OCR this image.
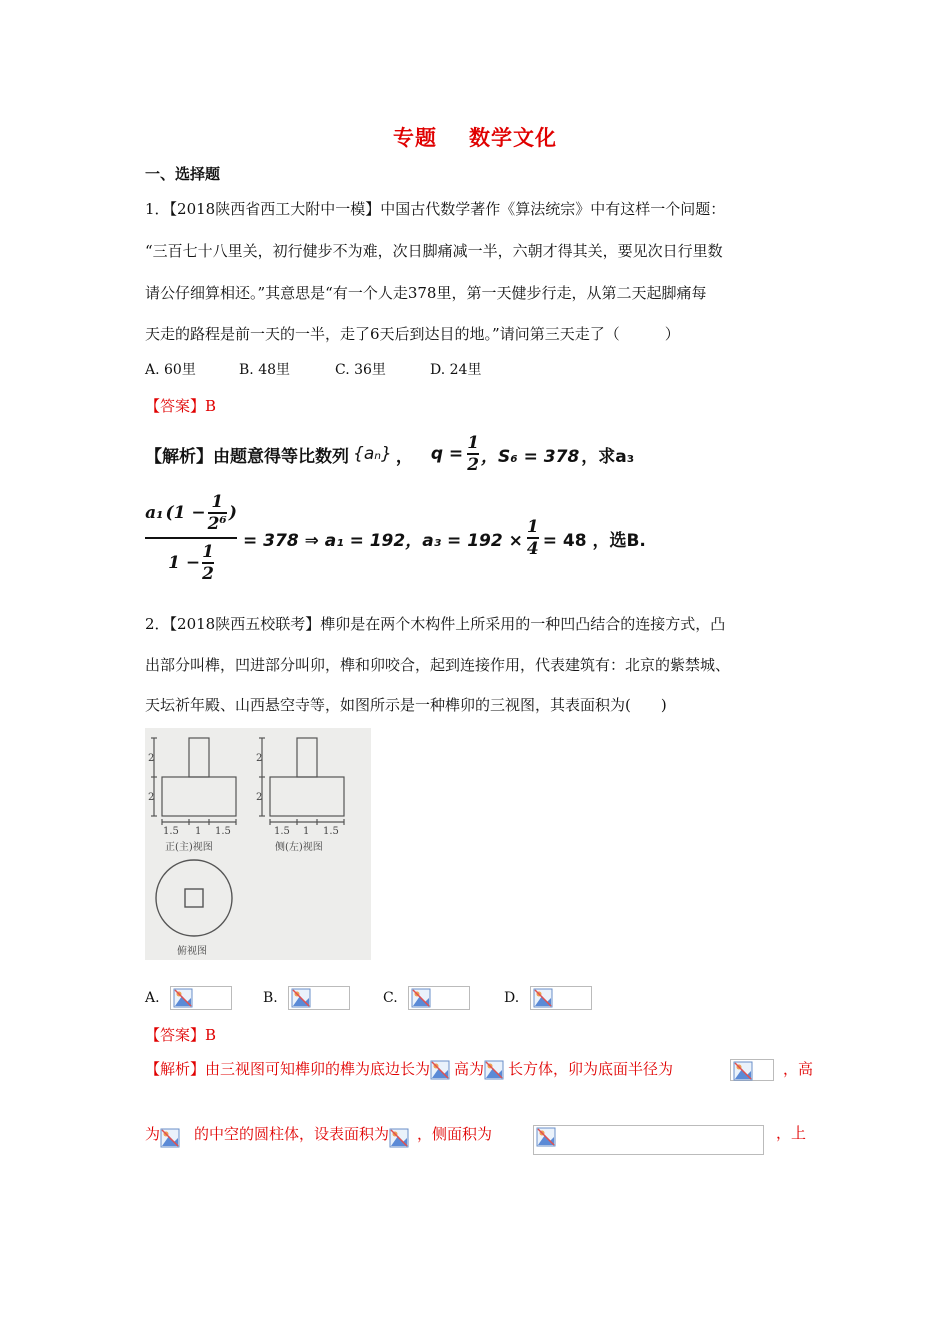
专题 数学文化
一、选择题
1．【2018陕西省西工大附中一模】中国古代数学著作《算法统宗》中有这样一个问题：
“三百七十八里关，初行健步不为难，次日脚痛减一半，六朝才得其关，要见次日行里数
请公仔细算相还。”其意思是“有一个人走378里，第一天健步行走，从第二天起脚痛每
天走的路程是前一天的一半，走了6天后到达目的地。”请问第三天走了（　　　）
A. 60里	B. 48里	C. 36里	D. 24里
【答案】B
【解析】由题意得等比数列 {aₙ} ， $q = \frac{1}{2}$ ，S₆ = 378 ，求a₃
a₁ ($1 - \frac{1}{\text{2⁶}}$ )
$1 - \frac{1}{2}$
= 378 ⇒ a₁ = 192，$a_3 = 192 \times \frac{1}{4} = 48$ ，选B.
2．【2018陕西五校联考】榫卯是在两个木构件上所采用的一种凹凸结合的连接方式，凸
出部分叫榫，凹进部分叫卯，榫和卯咬合，起到连接作用，代表建筑有：北京的紫禁城、
天坛祈年殿、山西悬空寺等，如图所示是一种榫卯的三视图，其表面积为(　　)
2
2
1.5 1 1.5
2
2
1.5 1 1.5
正(主)视图	侧(左)视图
俯视图
A.	B.	C.	D.
【答案】B
【解析】由三视图可知榫卯的榫为底边长为 高为 长方体，卯为底面半径为	，高
为 的中空的圆柱体，设表面积为 ，侧面积为	，上
